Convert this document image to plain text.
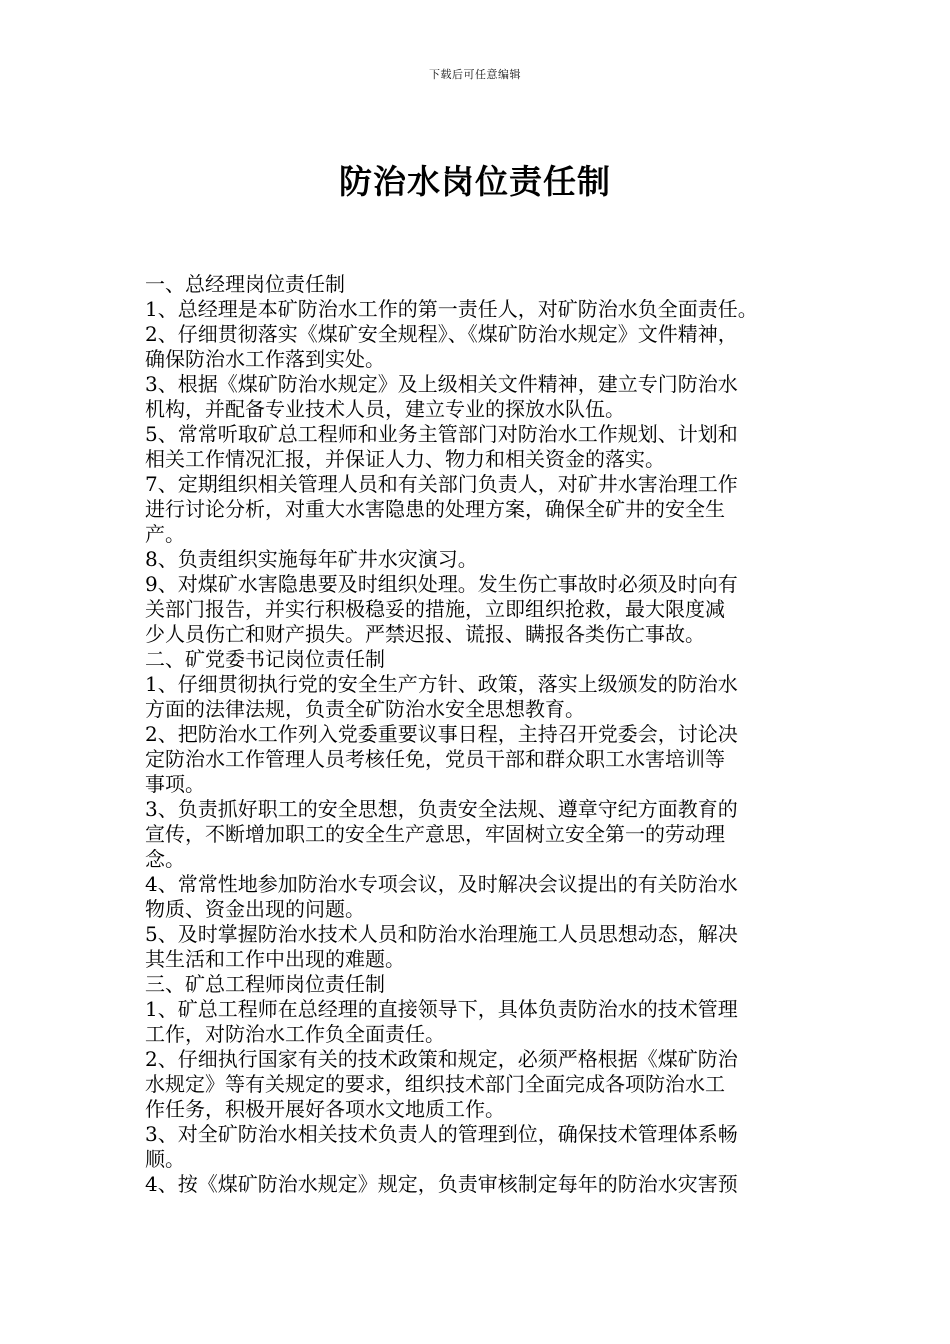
下载后可任意编辑
防治水岗位责任制
一、总经理岗位责任制
1、总经理是本矿防治水工作的第一责任人，对矿防治水负全面责任。
2、仔细贯彻落实《煤矿安全规程》、《煤矿防治水规定》文件精神，
确保防治水工作落到实处。
3、根据《煤矿防治水规定》及上级相关文件精神，建立专门防治水
机构，并配备专业技术人员，建立专业的探放水队伍。
5、常常听取矿总工程师和业务主管部门对防治水工作规划、计划和
相关工作情况汇报，并保证人力、物力和相关资金的落实。
7、定期组织相关管理人员和有关部门负责人，对矿井水害治理工作
进行讨论分析，对重大水害隐患的处理方案，确保全矿井的安全生
产。
8、负责组织实施每年矿井水灾演习。
9、对煤矿水害隐患要及时组织处理。发生伤亡事故时必须及时向有
关部门报告，并实行积极稳妥的措施，立即组织抢救，最大限度减
少人员伤亡和财产损失。严禁迟报、谎报、瞒报各类伤亡事故。
二、矿党委书记岗位责任制
1、仔细贯彻执行党的安全生产方针、政策，落实上级颁发的防治水
方面的法律法规，负责全矿防治水安全思想教育。
2、把防治水工作列入党委重要议事日程，主持召开党委会，讨论决
定防治水工作管理人员考核任免，党员干部和群众职工水害培训等
事项。
3、负责抓好职工的安全思想，负责安全法规、遵章守纪方面教育的
宣传，不断增加职工的安全生产意思，牢固树立安全第一的劳动理
念。
4、常常性地参加防治水专项会议，及时解决会议提出的有关防治水
物质、资金出现的问题。
5、及时掌握防治水技术人员和防治水治理施工人员思想动态，解决
其生活和工作中出现的难题。
三、矿总工程师岗位责任制
1、矿总工程师在总经理的直接领导下，具体负责防治水的技术管理
工作，对防治水工作负全面责任。
2、仔细执行国家有关的技术政策和规定，必须严格根据《煤矿防治
水规定》等有关规定的要求，组织技术部门全面完成各项防治水工
作任务，积极开展好各项水文地质工作。
3、对全矿防治水相关技术负责人的管理到位，确保技术管理体系畅
顺。
4、按《煤矿防治水规定》规定，负责审核制定每年的防治水灾害预
